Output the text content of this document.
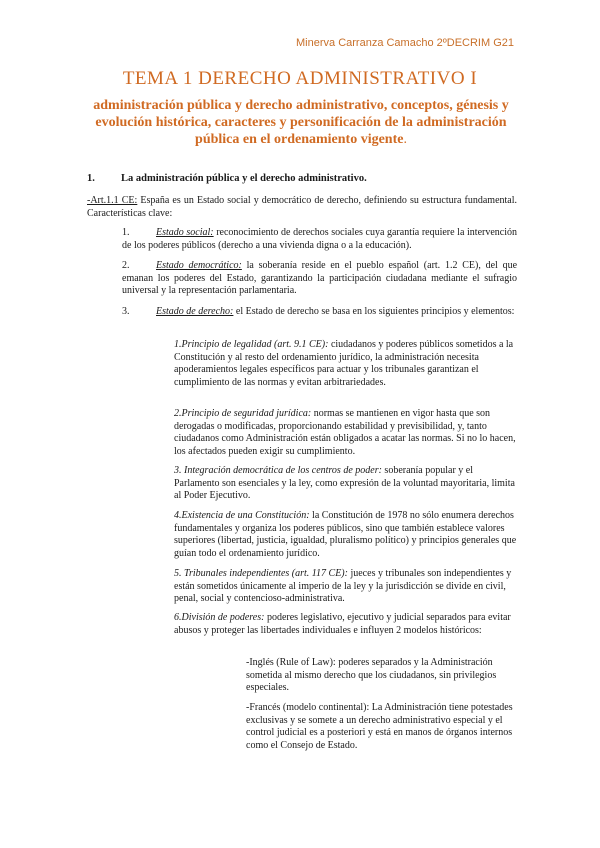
Minerva Carranza Camacho 2ºDECRIM G21
TEMA 1 DERECHO ADMINISTRATIVO I
administración pública y derecho administrativo, conceptos, génesis y evolución histórica, caracteres y personificación de la administración pública en el ordenamiento vigente.
1. La administración pública y el derecho administrativo.
-Art.1.1 CE: España es un Estado social y democrático de derecho, definiendo su estructura fundamental. Características clave:
1.	Estado social: reconocimiento de derechos sociales cuya garantía requiere la intervención de los poderes públicos (derecho a una vivienda digna o a la educación).
2.	Estado democrático: la soberanía reside en el pueblo español (art. 1.2 CE), del que emanan los poderes del Estado, garantizando la participación ciudadana mediante el sufragio universal y la representación parlamentaria.
3.	Estado de derecho: el Estado de derecho se basa en los siguientes principios y elementos:
1.Principio de legalidad (art. 9.1 CE): ciudadanos y poderes públicos sometidos a la Constitución y al resto del ordenamiento jurídico, la administración necesita apoderamientos legales específicos para actuar y los tribunales garantizan el cumplimiento de las normas y evitan arbitrariedades.
2.Principio de seguridad jurídica: normas se mantienen en vigor hasta que son derogadas o modificadas, proporcionando estabilidad y previsibilidad, y, tanto ciudadanos como Administración están obligados a acatar las normas. Si no lo hacen, los afectados pueden exigir su cumplimiento.
3. Integración democrática de los centros de poder: soberanía popular y el Parlamento son esenciales y la ley, como expresión de la voluntad mayoritaria, limita al Poder Ejecutivo.
4.Existencia de una Constitución: la Constitución de 1978 no sólo enumera derechos fundamentales y organiza los poderes públicos, sino que también establece valores superiores (libertad, justicia, igualdad, pluralismo político) y principios generales que guían todo el ordenamiento jurídico.
5. Tribunales independientes (art. 117 CE): jueces y tribunales son independientes y están sometidos únicamente al imperio de la ley y la jurisdicción se divide en civil, penal, social y contencioso-administrativa.
6.División de poderes: poderes legislativo, ejecutivo y judicial separados para evitar abusos y proteger las libertades individuales e influyen 2 modelos históricos:
-Inglés (Rule of Law): poderes separados y la Administración sometida al mismo derecho que los ciudadanos, sin privilegios especiales.
-Francés (modelo continental): La Administración tiene potestades exclusivas y se somete a un derecho administrativo especial y el control judicial es a posteriori y está en manos de órganos internos como el Consejo de Estado.
